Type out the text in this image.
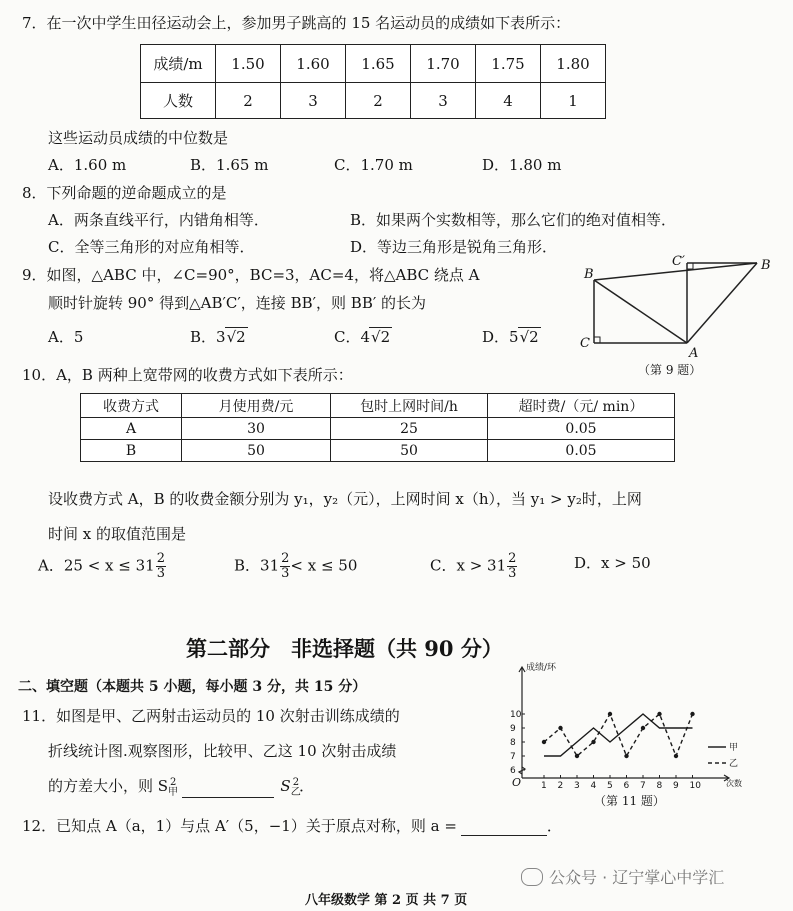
7．在一次中学生田径运动会上，参加男子跳高的 15 名运动员的成绩如下表所示：
成绩/m	1.50	1.60	1.65	1.70	1.75	1.80
人数	2	3	2	3	4	1
这些运动员成绩的中位数是
A．1.60 m	B．1.65 m	C．1.70 m	D．1.80 m
8．下列命题的逆命题成立的是
A．两条直线平行，内错角相等．	B．如果两个实数相等，那么它们的绝对值相等．
C．全等三角形的对应角相等．	D．等边三角形是锐角三角形．
9．如图，△ABC 中，∠C=90°，BC=3，AC=4，将△ABC 绕点 A
顺时针旋转 90° 得到△AB′C′，连接 BB′，则 BB′ 的长为
A．5	B．3√2	C．4√2	D．5√2
B
C
A
C′	B
（第 9 题）
10．A，B 两种上宽带网的收费方式如下表所示：
收费方式	月使用费/元	包时上网时间/h	超时费/（元/ min）
A	30	25	0.05
B	50	50	0.05
设收费方式 A，B 的收费金额分别为 y₁，y₂（元），上网时间 x（h），当 y₁ > y₂时，上网
时间 x 的取值范围是
A．$25 < x \le 31 \frac{2}{3}$	B．$31 \frac{2}{3} < x \le 50$	C．$x > 31 \frac{2}{3}$	D．x > 50
第二部分　非选择题（共 90 分）
二、填空题（本题共 5 小题，每小题 3 分，共 15 分）
11．如图是甲、乙两射击运动员的 10 次射击训练成绩的
折线统计图.观察图形，比较甲、乙这 10 次射击成绩
的方差大小，则 $S_甲^2$	$S_乙^2$．	1 2 3 4 5 6 7 8 9 10
6
7
8
9
10
成绩/环
次数
O
甲
乙
（第 11 题）
12．已知点 A（a，1）与点 A′（5，−1）关于原点对称，则 a =	．
公众号 · 辽宁掌心中学汇
八年级数学 第 2 页 共 7 页
